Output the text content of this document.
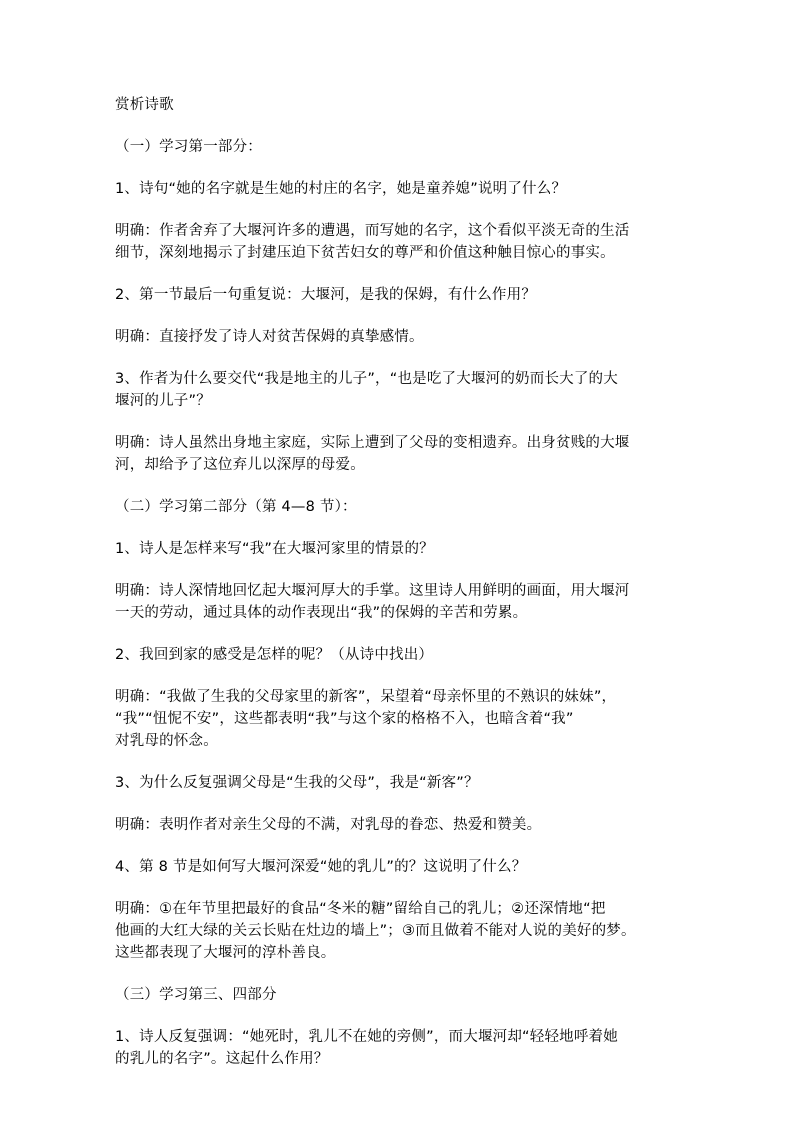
赏析诗歌

（一）学习第一部分：

1、诗句“她的名字就是生她的村庄的名字，她是童养媳”说明了什么？

明确：作者舍弃了大堰河许多的遭遇，而写她的名字，这个看似平淡无奇的生活
细节，深刻地揭示了封建压迫下贫苦妇女的尊严和价值这种触目惊心的事实。

2、第一节最后一句重复说：大堰河，是我的保姆，有什么作用？

明确：直接抒发了诗人对贫苦保姆的真挚感情。

3、作者为什么要交代“我是地主的儿子”，“也是吃了大堰河的奶而长大了的大
堰河的儿子”？

明确：诗人虽然出身地主家庭，实际上遭到了父母的变相遗弃。出身贫贱的大堰
河，却给予了这位弃儿以深厚的母爱。

（二）学习第二部分（第 4—8 节）：

1、诗人是怎样来写“我”在大堰河家里的情景的？

明确：诗人深情地回忆起大堰河厚大的手掌。这里诗人用鲜明的画面，用大堰河
一天的劳动，通过具体的动作表现出“我”的保姆的辛苦和劳累。

2、我回到家的感受是怎样的呢？（从诗中找出）

明确：“我做了生我的父母家里的新客”，呆望着“母亲怀里的不熟识的妹妹”，
“我”“忸怩不安”，这些都表明“我”与这个家的格格不入，也暗含着“我”
对乳母的怀念。

3、为什么反复强调父母是“生我的父母”，我是“新客”？

明确：表明作者对亲生父母的不满，对乳母的眷恋、热爱和赞美。

4、第 8 节是如何写大堰河深爱“她的乳儿”的？这说明了什么？

明确：①在年节里把最好的食品“冬米的糖”留给自己的乳儿；②还深情地“把
他画的大红大绿的关云长贴在灶边的墙上”；③而且做着不能对人说的美好的梦。
这些都表现了大堰河的淳朴善良。

（三）学习第三、四部分

1、诗人反复强调：“她死时，乳儿不在她的旁侧”，而大堰河却“轻轻地呼着她
的乳儿的名字”。这起什么作用？
